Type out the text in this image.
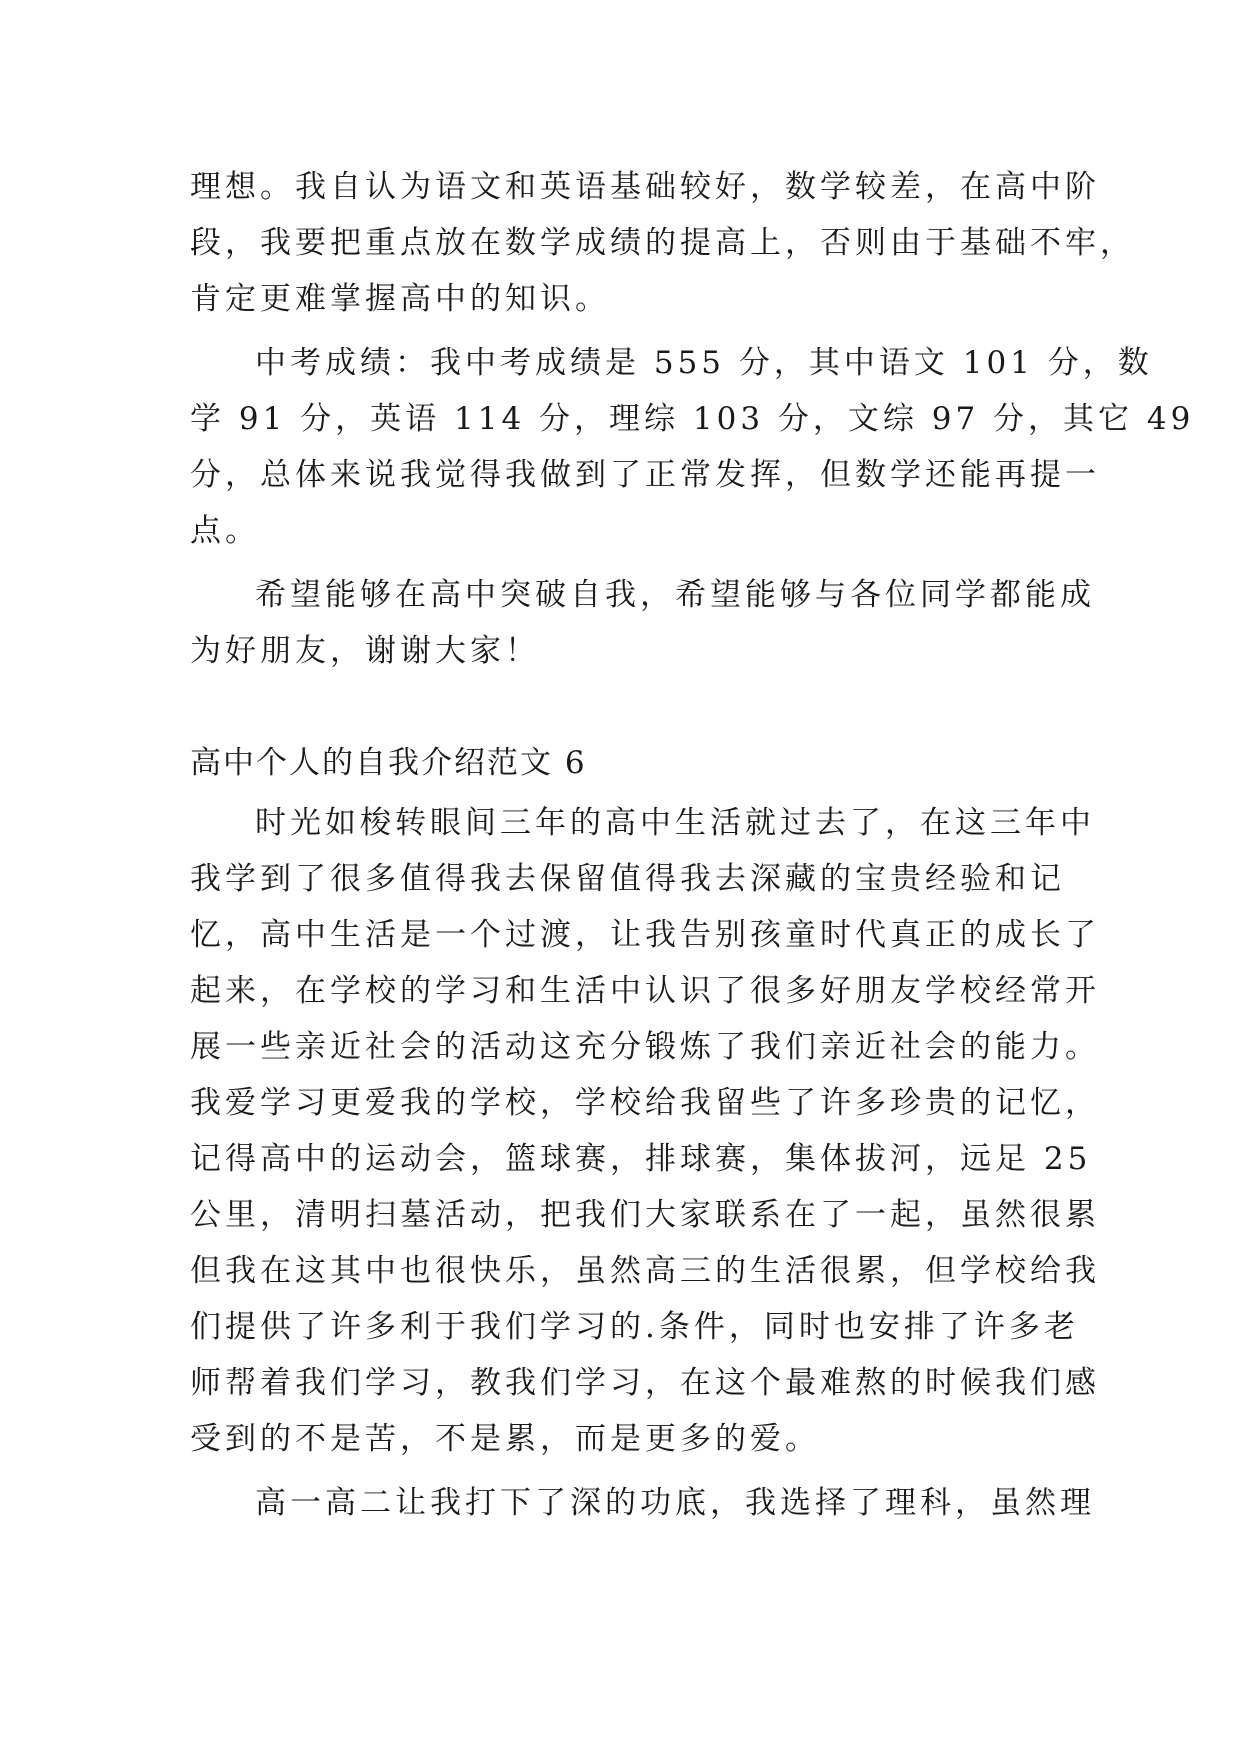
理想。我自认为语文和英语基础较好，数学较差，在高中阶

段，我要把重点放在数学成绩的提高上，否则由于基础不牢，

肯定更难掌握高中的知识。

中考成绩：我中考成绩是 555 分，其中语文 101 分，数

学 91 分，英语 114 分，理综 103 分，文综 97 分，其它 49

分，总体来说我觉得我做到了正常发挥，但数学还能再提一

点。

希望能够在高中突破自我，希望能够与各位同学都能成

为好朋友，谢谢大家！

高中个人的自我介绍范文 6

时光如梭转眼间三年的高中生活就过去了，在这三年中

我学到了很多值得我去保留值得我去深藏的宝贵经验和记

忆，高中生活是一个过渡，让我告别孩童时代真正的成长了

起来，在学校的学习和生活中认识了很多好朋友学校经常开

展一些亲近社会的活动这充分锻炼了我们亲近社会的能力。

我爱学习更爱我的学校，学校给我留些了许多珍贵的记忆，

记得高中的运动会，篮球赛，排球赛，集体拔河，远足 25

公里，清明扫墓活动，把我们大家联系在了一起，虽然很累

但我在这其中也很快乐，虽然高三的生活很累，但学校给我

们提供了许多利于我们学习的.条件，同时也安排了许多老

师帮着我们学习，教我们学习，在这个最难熬的时候我们感

受到的不是苦，不是累，而是更多的爱。

高一高二让我打下了深的功底，我选择了理科，虽然理
